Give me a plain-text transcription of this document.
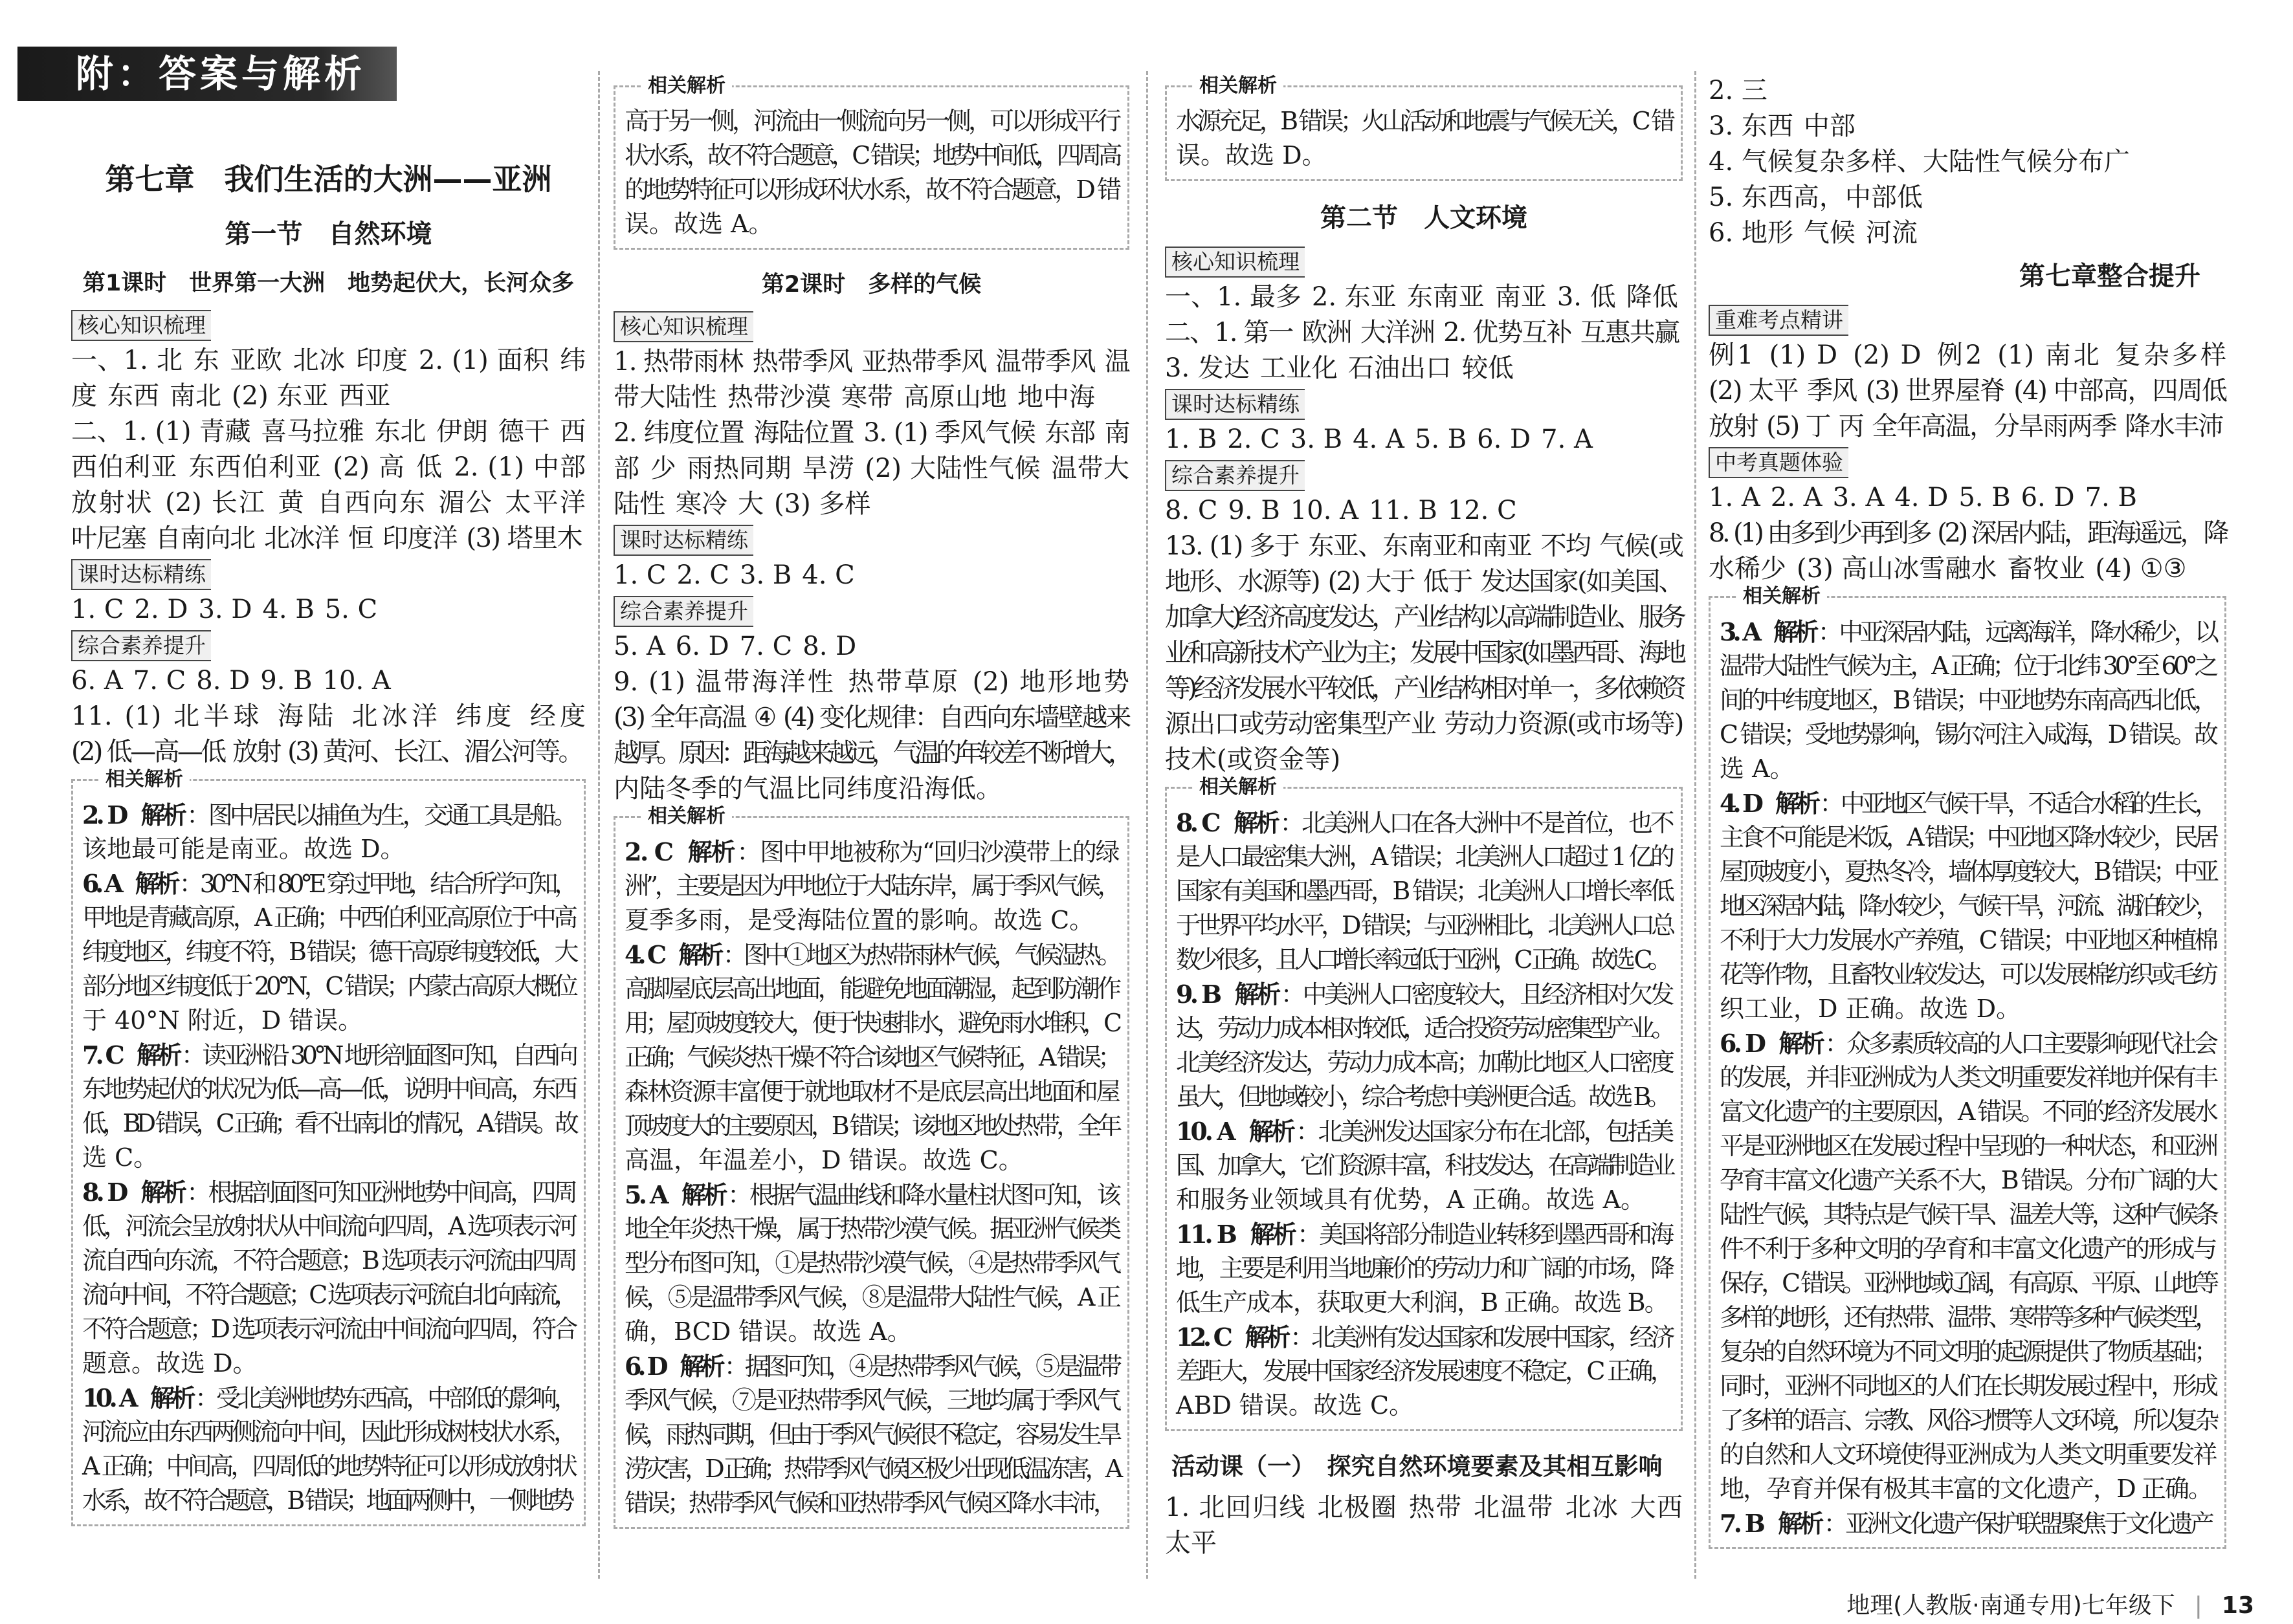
附：答案与解析
第七章　我们生活的大洲——亚洲
第一节　自然环境
第1课时　世界第一大洲　地势起伏大，长河众多
核心知识梳理
一、1. 北　 东　 亚欧　 北冰　 印度　 2. (1) 面积　 纬
度　 东西　 南北　 (2) 东亚　 西亚
二、1. (1) 青藏　 喜马拉雅　 东北　 伊朗　 德干　 西
西伯利亚　 东西伯利亚　 (2) 高　 低　 2. (1) 中部
放射状　 (2) 长江　 黄　 自西向东　 湄公　 太平洋
叶尼塞　 自南向北　 北冰洋　 恒　 印度洋　 (3) 塔里木
课时达标精练
1. C　 2. D　 3. D　 4. B　 5. C
综合素养提升
6. A　 7. C　 8. D　 9. B　 10. A
11. (1) 北半球　 海陆　 北冰洋　 纬度　 经度
(2) 低—高—低　 放射　 (3) 黄河、长江、湄公河等。
相关解析
2. D 解析 ：图中居民以捕鱼为生，交通工具是船。
该地最可能是南亚。故选 D。
6. A 解析 ：30°N 和 80°E 穿过甲地，结合所学可知，
甲地是青藏高原，A 正确；中西伯利亚高原位于中高
纬度地区，纬度不符，B 错误；德干高原纬度较低，大
部分地区纬度低于 20°N，C 错误；内蒙古高原大概位
于 40°N 附近，D 错误。
7. C 解析 ：读亚洲沿 30°N 地形剖面图可知，自西向
东地势起伏的状况为低—高—低，说明中间高，东西
低，BD 错误，C 正确；看不出南北的情况，A 错误。故
选 C。
8. D 解析 ：根据剖面图可知亚洲地势中间高，四周
低，河流会呈放射状从中间流向四周，A 选项表示河
流自西向东流，不符合题意；B 选项表示河流由四周
流向中间，不符合题意；C 选项表示河流自北向南流，
不符合题意；D 选项表示河流由中间流向四周，符合
题意。故选 D。
10. A 解析 ：受北美洲地势东西高，中部低的影响，
河流应由东西两侧流向中间，因此形成树枝状水系，
A 正确；中间高，四周低的地势特征可以形成放射状
水系，故不符合题意，B 错误；地面两侧中，一侧地势
相关解析
高于另一侧，河流由一侧流向另一侧，可以形成平行
状水系，故不符合题意，C 错误；地势中间低，四周高
的地势特征可以形成环状水系，故不符合题意，D 错
误。故选 A。
第2课时　多样的气候
核心知识梳理
1. 热带雨林　 热带季风　 亚热带季风　 温带季风　 温
带大陆性　 热带沙漠　 寒带　 高原山地　 地中海
2. 纬度位置　 海陆位置　 3. (1) 季风气候　 东部　 南
部　 少　 雨热同期　 旱涝　 (2) 大陆性气候　 温带大
陆性　 寒冷　 大　 (3) 多样
课时达标精练
1. C　 2. C　 3. B　 4. C
综合素养提升
5. A　 6. D　 7. C　 8. D
9. (1) 温带海洋性　 热带草原　 (2) 地形地势
(3) 全年高温　 ④　 (4) 变化规律：自西向东墙壁越来
越厚。原因：距海越来越远，气温的年较差不断增大，
内陆冬季的气温比同纬度沿海低。
相关解析
2. C 解析 ：图中甲地被称为“回归沙漠带上的绿
洲”，主要是因为甲地位于大陆东岸，属于季风气候，
夏季多雨，是受海陆位置的影响。故选 C。
4. C 解析 ：图中①地区为热带雨林气候，气候湿热。
高脚屋底层高出地面，能避免地面潮湿，起到防潮作
用；屋顶坡度较大，便于快速排水，避免雨水堆积，C
正确；气候炎热干燥不符合该地区气候特征，A 错误；
森林资源丰富便于就地取材不是底层高出地面和屋
顶坡度大的主要原因，B 错误；该地区地处热带，全年
高温，年温差小，D 错误。故选 C。
5. A 解析 ：根据气温曲线和降水量柱状图可知，该
地全年炎热干燥，属于热带沙漠气候。据亚洲气候类
型分布图可知，①是热带沙漠气候，④是热带季风气
候，⑤是温带季风气候，⑧是温带大陆性气候，A 正
确，BCD 错误。故选 A。
6. D 解析 ：据图可知，④是热带季风气候，⑤是温带
季风气候，⑦是亚热带季风气候，三地均属于季风气
候，雨热同期，但由于季风气候很不稳定，容易发生旱
涝灾害，D 正确；热带季风气候区极少出现低温冻害，A
错误；热带季风气候和亚热带季风气候区降水丰沛，
相关解析
水源充足，B 错误；火山活动和地震与气候无关，C 错
误。故选 D。
第二节　人文环境
核心知识梳理
一、1. 最多　 2. 东亚　 东南亚　 南亚　 3. 低　 降低
二、1. 第一　 欧洲　 大洋洲　 2. 优势互补　 互惠共赢
3. 发达　 工业化　 石油出口　 较低
课时达标精练
1. B　 2. C　 3. B　 4. A　 5. B　 6. D　 7. A
综合素养提升
8. C　 9. B　 10. A　 11. B　 12. C
13. (1) 多于　 东亚、东南亚和南亚　 不均　 气候(或
地形、水源等)　 (2) 大于　 低于　 发达国家(如美国、
加拿大)经济高度发达，产业结构以高端制造业、服务
业和高新技术产业为主；发展中国家(如墨西哥、海地
等)经济发展水平较低，产业结构相对单一，多依赖资
源出口或劳动密集型产业　 劳动力资源(或市场等)
技术(或资金等)
相关解析
8. C 解析 ：北美洲人口在各大洲中不是首位，也不
是人口最密集大洲，A 错误；北美洲人口超过 1 亿的
国家有美国和墨西哥，B 错误；北美洲人口增长率低
于世界平均水平，D 错误；与亚洲相比，北美洲人口总
数少很多，且人口增长率远低于亚洲，C 正确。故选 C。
9. B 解析 ：中美洲人口密度较大，且经济相对欠发
达，劳动力成本相对较低，适合投资劳动密集型产业。
北美经济发达，劳动力成本高；加勒比地区人口密度
虽大，但地域较小，综合考虑中美洲更合适。故选 B。
10. A 解析 ：北美洲发达国家分布在北部，包括美
国、加拿大，它们资源丰富，科技发达，在高端制造业
和服务业领域具有优势，A 正确。故选 A。
11. B 解析 ：美国将部分制造业转移到墨西哥和海
地，主要是利用当地廉价的劳动力和广阔的市场，降
低生产成本，获取更大利润，B 正确。故选 B。
12. C 解析 ：北美洲有发达国家和发展中国家，经济
差距大，发展中国家经济发展速度不稳定，C 正确，
ABD 错误。故选 C。
活动课（一）　探究自然环境要素及其相互影响
1. 北回归线　 北极圈　 热带　 北温带　 北冰　 大西
太平
2. 三
3. 东西　 中部
4. 气候复杂多样、大陆性气候分布广
5. 东西高，中部低
6. 地形　 气候　 河流
第七章整合提升
重难考点精讲
例1　 (1) D　 (2) D　 例2　 (1) 南北　 复杂多样
(2) 太平　 季风　 (3) 世界屋脊　 (4) 中部高，四周低
放射　 (5) 丁　 丙　 全年高温，分旱雨两季　 降水丰沛
中考真题体验
1. A　 2. A　 3. A　 4. D　 5. B　 6. D　 7. B
8. (1) 由多到少再到多　 (2) 深居内陆，距海遥远，降
水稀少　 (3) 高山冰雪融水　 畜牧业　 (4) ①③
相关解析
3. A 解析 ：中亚深居内陆，远离海洋，降水稀少，以
温带大陆性气候为主，A 正确；位于北纬 30°至 60°之
间的中纬度地区，B 错误；中亚地势东南高西北低，
C 错误；受地势影响，锡尔河注入咸海，D 错误。故
选 A。
4. D 解析 ：中亚地区气候干旱，不适合水稻的生长，
主食不可能是米饭，A 错误；中亚地区降水较少，民居
屋顶坡度小，夏热冬冷，墙体厚度较大，B 错误；中亚
地区深居内陆，降水较少，气候干旱，河流、湖泊较少，
不利于大力发展水产养殖，C 错误；中亚地区种植棉
花等作物，且畜牧业较发达，可以发展棉纺织或毛纺
织工业，D 正确。故选 D。
6. D 解析 ：众多素质较高的人口主要影响现代社会
的发展，并非亚洲成为人类文明重要发祥地并保有丰
富文化遗产的主要原因，A 错误。不同的经济发展水
平是亚洲地区在发展过程中呈现的一种状态，和亚洲
孕育丰富文化遗产关系不大，B 错误。分布广阔的大
陆性气候，其特点是气候干旱、温差大等，这种气候条
件不利于多种文明的孕育和丰富文化遗产的形成与
保存，C 错误。亚洲地域辽阔，有高原、平原、山地等
多样的地形，还有热带、温带、寒带等多种气候类型，
复杂的自然环境为不同文明的起源提供了物质基础；
同时，亚洲不同地区的人们在长期发展过程中，形成
了多样的语言、宗教、风俗习惯等人文环境，所以复杂
的自然和人文环境使得亚洲成为人类文明重要发祥
地，孕育并保有极其丰富的文化遗产，D 正确。
7. B 解析 ：亚洲文化遗产保护联盟聚焦于文化遗产
地理(人教版·南通专用)七年级下 | 13
